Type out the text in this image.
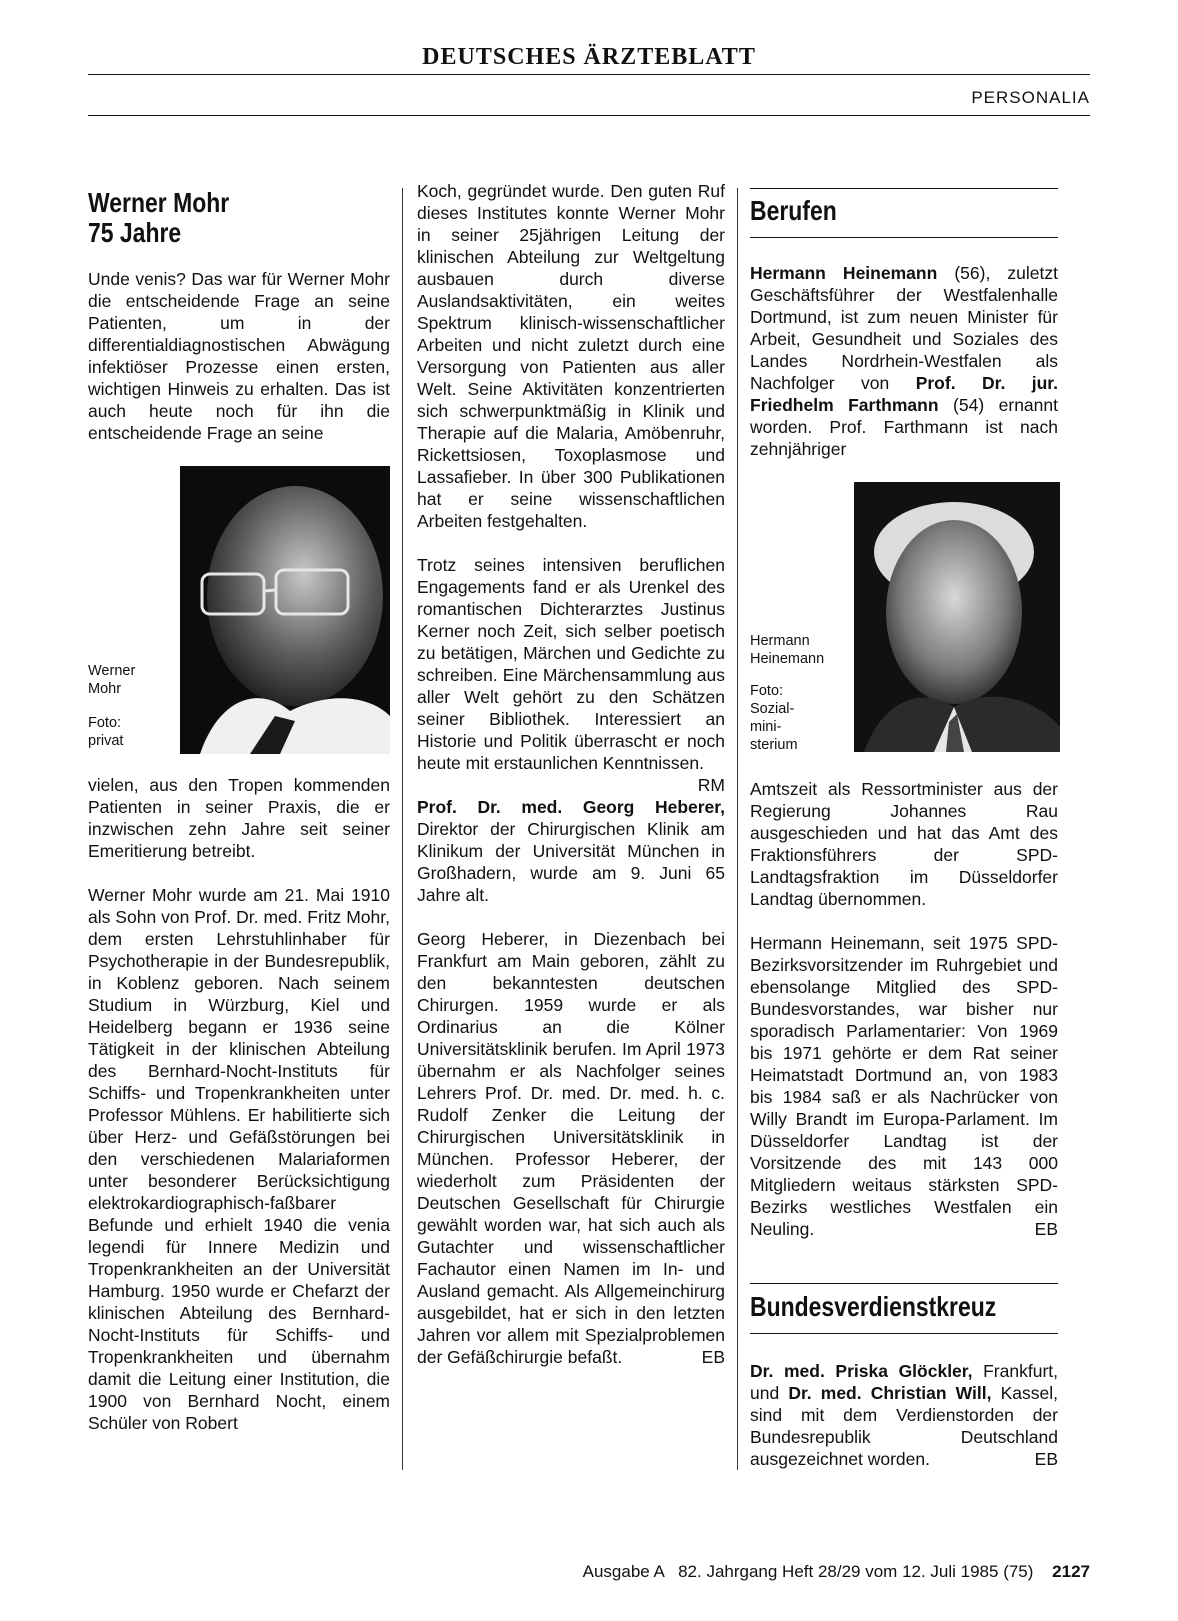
DEUTSCHES ÄRZTEBLATT
PERSONALIA
Werner Mohr
75 Jahre

Unde venis? Das war für Werner Mohr die entscheidende Frage an seine Patienten, um in der differentialdiagnostischen Abwägung infektiöser Prozesse einen ersten, wichtigen Hinweis zu erhalten. Das ist auch heute noch für ihn die entscheidende Frage an seine

Werner Mohr
Foto: privat

vielen, aus den Tropen kommenden Patienten in seiner Praxis, die er inzwischen zehn Jahre seit seiner Emeritierung betreibt.

Werner Mohr wurde am 21. Mai 1910 als Sohn von Prof. Dr. med. Fritz Mohr, dem ersten Lehrstuhlinhaber für Psychotherapie in der Bundesrepublik, in Koblenz geboren. Nach seinem Studium in Würzburg, Kiel und Heidelberg begann er 1936 seine Tätigkeit in der klinischen Abteilung des Bernhard-Nocht-Instituts für Schiffs- und Tropenkrankheiten unter Professor Mühlens. Er habilitierte sich über Herz- und Gefäßstörungen bei den verschiedenen Malariaformen unter besonderer Berücksichtigung elektrokardiographisch-faßbarer Befunde und erhielt 1940 die venia legendi für Innere Medizin und Tropenkrankheiten an der Universität Hamburg. 1950 wurde er Chefarzt der klinischen Abteilung des Bernhard-Nocht-Instituts für Schiffs- und Tropenkrankheiten und übernahm damit die Leitung einer Institution, die 1900 von Bernhard Nocht, einem Schüler von Robert

Koch, gegründet wurde. Den guten Ruf dieses Institutes konnte Werner Mohr in seiner 25jährigen Leitung der klinischen Abteilung zur Weltgeltung ausbauen durch diverse Auslandsaktivitäten, ein weites Spektrum klinisch-wissenschaftlicher Arbeiten und nicht zuletzt durch eine Versorgung von Patienten aus aller Welt. Seine Aktivitäten konzentrierten sich schwerpunktmäßig in Klinik und Therapie auf die Malaria, Amöbenruhr, Rickettsiosen, Toxoplasmose und Lassafieber. In über 300 Publikationen hat er seine wissenschaftlichen Arbeiten festgehalten.

Trotz seines intensiven beruflichen Engagements fand er als Urenkel des romantischen Dichterarztes Justinus Kerner noch Zeit, sich selber poetisch zu betätigen, Märchen und Gedichte zu schreiben. Eine Märchensammlung aus aller Welt gehört zu den Schätzen seiner Bibliothek. Interessiert an Historie und Politik überrascht er noch heute mit erstaunlichen Kenntnissen.
RM

Prof. Dr. med. Georg Heberer, Direktor der Chirurgischen Klinik am Klinikum der Universität München in Großhadern, wurde am 9. Juni 65 Jahre alt.

Georg Heberer, in Diezenbach bei Frankfurt am Main geboren, zählt zu den bekanntesten deutschen Chirurgen. 1959 wurde er als Ordinarius an die Kölner Universitätsklinik berufen. Im April 1973 übernahm er als Nachfolger seines Lehrers Prof. Dr. med. Dr. med. h. c. Rudolf Zenker die Leitung der Chirurgischen Universitätsklinik in München. Professor Heberer, der wiederholt zum Präsidenten der Deutschen Gesellschaft für Chirurgie gewählt worden war, hat sich auch als Gutachter und wissenschaftlicher Fachautor einen Namen im In- und Ausland gemacht. Als Allgemeinchirurg ausgebildet, hat er sich in den letzten Jahren vor allem mit Spezialproblemen der Gefäßchirurgie befaßt.	EB

Berufen

Hermann Heinemann (56), zuletzt Geschäftsführer der Westfalenhalle Dortmund, ist zum neuen Minister für Arbeit, Gesundheit und Soziales des Landes Nordrhein-Westfalen als Nachfolger von Prof. Dr. jur. Friedhelm Farthmann (54) ernannt worden. Prof. Farthmann ist nach zehnjähriger

Hermann Heinemann
Foto: Sozial-mini-sterium

Amtszeit als Ressortminister aus der Regierung Johannes Rau ausgeschieden und hat das Amt des Fraktionsführers der SPD-Landtagsfraktion im Düsseldorfer Landtag übernommen.

Hermann Heinemann, seit 1975 SPD-Bezirksvorsitzender im Ruhrgebiet und ebensolange Mitglied des SPD-Bundesvorstandes, war bisher nur sporadisch Parlamentarier: Von 1969 bis 1971 gehörte er dem Rat seiner Heimatstadt Dortmund an, von 1983 bis 1984 saß er als Nachrücker von Willy Brandt im Europa-Parlament. Im Düsseldorfer Landtag ist der Vorsitzende des mit 143 000 Mitgliedern weitaus stärksten SPD-Bezirks westliches Westfalen ein Neuling.	EB

Bundesverdienstkreuz

Dr. med. Priska Glöckler, Frankfurt, und Dr. med. Christian Will, Kassel, sind mit dem Verdienstorden der Bundesrepublik Deutschland ausgezeichnet worden.	EB

Ausgabe A   82. Jahrgang Heft 28/29 vom 12. Juli 1985 (75) 2127
